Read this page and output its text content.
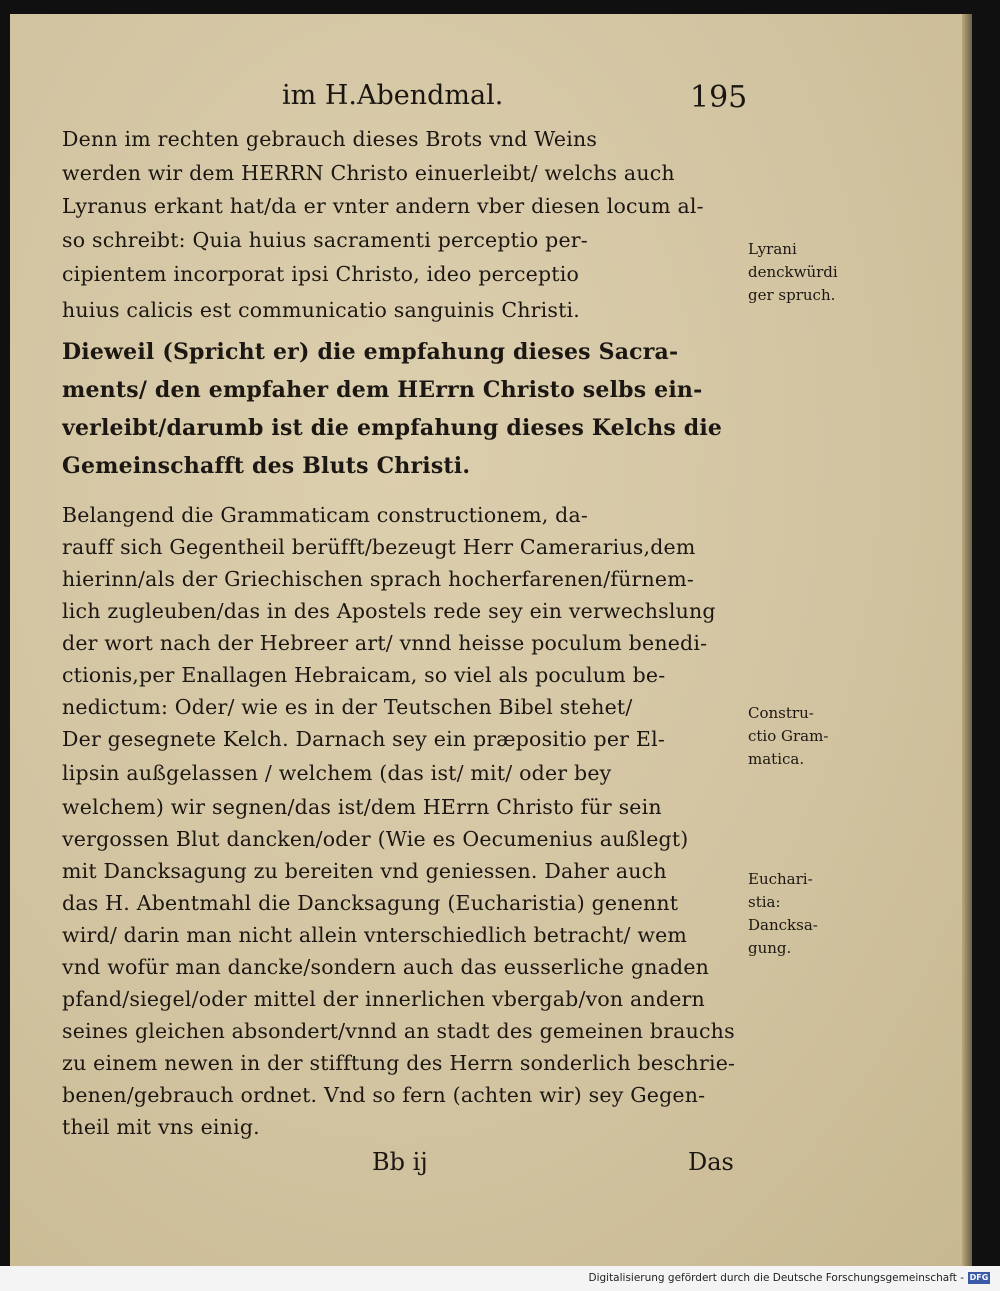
im H.Abendmal.	195
Denn im rechten gebrauch dieses Brots vnd Weins
werden wir dem HERRN Christo einuerleibt/ welchs auch
Lyranus erkant hat/da er vnter andern vber diesen locum al-
so schreibt: Quia huius sacramenti perceptio per-
cipientem incorporat ipsi Christo, ideo perceptio
huius calicis est communicatio sanguinis Christi.
Dieweil (Spricht er) die empfahung dieses Sacra-
ments/ den empfaher dem HErrn Christo selbs ein-
verleibt/darumb ist die empfahung dieses Kelchs die
Gemeinschafft des Bluts Christi.
Belangend die Grammaticam constructionem, da-
rauff sich Gegentheil berüfft/bezeugt Herr Camerarius,dem
hierinn/als der Griechischen sprach hocherfarenen/fürnem-
lich zugleuben/das in des Apostels rede sey ein verwechslung
der wort nach der Hebreer art/ vnnd heisse poculum benedi-
ctionis,per Enallagen Hebraicam, so viel als poculum be-
nedictum: Oder/ wie es in der Teutschen Bibel stehet/
Der gesegnete Kelch. Darnach sey ein præpositio per El-
lipsin außgelassen / welchem (das ist/ mit/ oder bey
welchem) wir segnen/das ist/dem HErrn Christo für sein
vergossen Blut dancken/oder (Wie es Oecumenius außlegt)
mit Dancksagung zu bereiten vnd geniessen. Daher auch
das H. Abentmahl die Dancksagung (Eucharistia) genennt
wird/ darin man nicht allein vnterschiedlich betracht/ wem
vnd wofür man dancke/sondern auch das eusserliche gnaden
pfand/siegel/oder mittel der innerlichen vbergab/von andern
seines gleichen absondert/vnnd an stadt des gemeinen brauchs
zu einem newen in der stifftung des Herrn sonderlich beschrie-
benen/gebrauch ordnet. Vnd so fern (achten wir) sey Gegen-
theil mit vns einig.
Lyrani
denckwürdi
ger spruch.
Constru-
ctio Gram-
matica.
Euchari-
stia:
Dancksa-
gung.
Bb ij	Das
Digitalisierung gefördert durch die Deutsche Forschungsgemeinschaft - DFG
